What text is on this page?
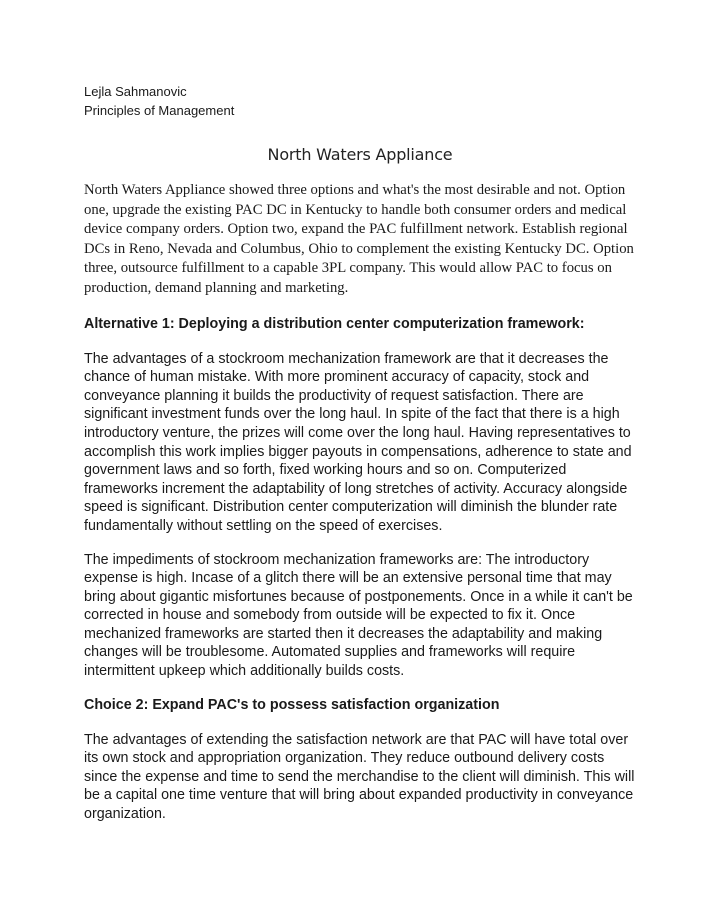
Lejla Sahmanovic

Principles of Management

North Waters Appliance

North Waters Appliance showed three options and what's the most desirable and not. Option one, upgrade the existing PAC DC in Kentucky to handle both consumer orders and medical device company orders. Option two, expand the PAC fulfillment network. Establish regional DCs in Reno, Nevada and Columbus, Ohio to complement the existing Kentucky DC. Option three, outsource fulfillment to a capable 3PL company. This would allow PAC to focus on production, demand planning and marketing.

Alternative 1: Deploying a distribution center computerization framework:

The advantages of a stockroom mechanization framework are that it decreases the chance of human mistake. With more prominent accuracy of capacity, stock and conveyance planning it builds the productivity of request satisfaction. There are significant investment funds over the long haul. In spite of the fact that there is a high introductory venture, the prizes will come over the long haul. Having representatives to accomplish this work implies bigger payouts in compensations, adherence to state and government laws and so forth, fixed working hours and so on. Computerized frameworks increment the adaptability of long stretches of activity. Accuracy alongside speed is significant. Distribution center computerization will diminish the blunder rate fundamentally without settling on the speed of exercises.

The impediments of stockroom mechanization frameworks are: The introductory expense is high. Incase of a glitch there will be an extensive personal time that may bring about gigantic misfortunes because of postponements. Once in a while it can't be corrected in house and somebody from outside will be expected to fix it. Once mechanized frameworks are started then it decreases the adaptability and making changes will be troublesome. Automated supplies and frameworks will require intermittent upkeep which additionally builds costs.

Choice 2: Expand PAC's to possess satisfaction organization

The advantages of extending the satisfaction network are that PAC will have total over its own stock and appropriation organization. They reduce outbound delivery costs since the expense and time to send the merchandise to the client will diminish. This will be a capital one time venture that will bring about expanded productivity in conveyance organization.
